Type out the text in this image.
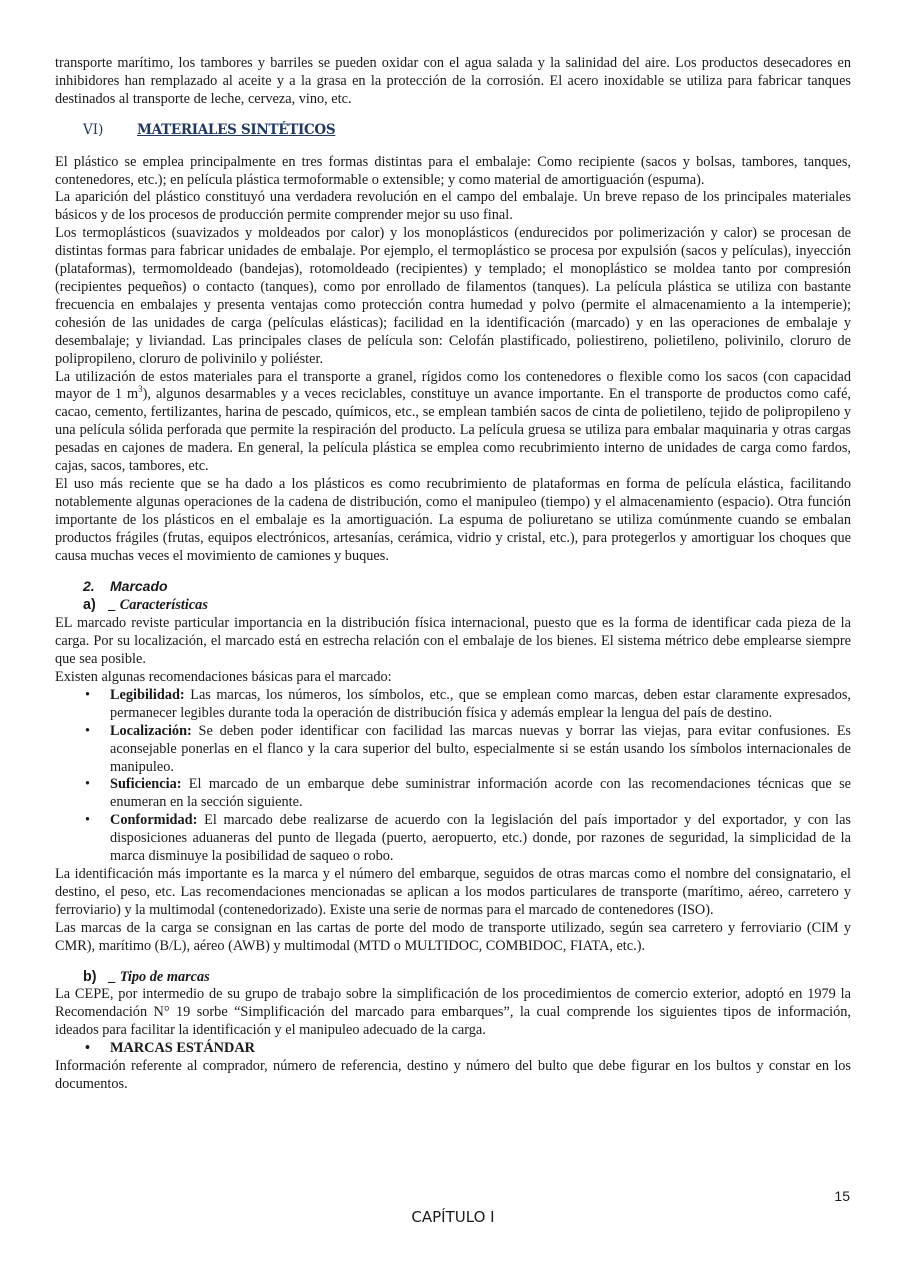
transporte marítimo, los tambores y barriles se pueden oxidar con el agua salada y la salinidad del aire. Los productos desecadores en inhibidores han remplazado al aceite y a la grasa en la protección de la corrosión. El acero inoxidable se utiliza para fabricar tanques destinados al transporte de leche, cerveza, vino, etc.

VI)	MATERIALES SINTÉTICOS

El plástico se emplea principalmente en tres formas distintas para el embalaje: Como recipiente (sacos y bolsas, tambores, tanques, contenedores, etc.); en película plástica termoformable o extensible; y como material de amortiguación (espuma).

La aparición del plástico constituyó una verdadera revolución en el campo del embalaje. Un breve repaso de los principales materiales básicos y de los procesos de producción permite comprender mejor su uso final.

Los termoplásticos (suavizados y moldeados por calor) y los monoplásticos (endurecidos por polimerización y calor) se procesan de distintas formas para fabricar unidades de embalaje. Por ejemplo, el termoplástico se procesa por expulsión (sacos y películas), inyección (plataformas), termomoldeado (bandejas), rotomoldeado (recipientes) y templado; el monoplástico se moldea tanto por compresión (recipientes pequeños) o contacto (tanques), como por enrollado de filamentos (tanques). La película plástica se utiliza con bastante frecuencia en embalajes y presenta ventajas como protección contra humedad y polvo (permite el almacenamiento a la intemperie); cohesión de las unidades de carga (películas elásticas); facilidad en la identificación (marcado) y en las operaciones de embalaje y desembalaje; y liviandad. Las principales clases de película son: Celofán plastificado, poliestireno, polietileno, polivinilo, cloruro de polipropileno, cloruro de polivinilo y poliéster.

La utilización de estos materiales para el transporte a granel, rígidos como los contenedores o flexible como los sacos (con capacidad mayor de 1 $m^3$), algunos desarmables y a veces reciclables, constituye un avance importante. En el transporte de productos como café, cacao, cemento, fertilizantes, harina de pescado, químicos, etc., se emplean también sacos de cinta de polietileno, tejido de polipropileno y una película sólida perforada que permite la respiración del producto. La película gruesa se utiliza para embalar maquinaria y otras cargas pesadas en cajones de madera. En general, la película plástica se emplea como recubrimiento interno de unidades de carga como fardos, cajas, sacos, tambores, etc.

El uso más reciente que se ha dado a los plásticos es como recubrimiento de plataformas en forma de película elástica, facilitando notablemente algunas operaciones de la cadena de distribución, como el manipuleo (tiempo) y el almacenamiento (espacio). Otra función importante de los plásticos en el embalaje es la amortiguación. La espuma de poliuretano se utiliza comúnmente cuando se embalan productos frágiles (frutas, equipos electrónicos, artesanías, cerámica, vidrio y cristal, etc.), para protegerlos y amortiguar los choques que causa muchas veces el movimiento de camiones y buques.

2. Marcado
a) _ Características

EL marcado reviste particular importancia en la distribución física internacional, puesto que es la forma de identificar cada pieza de la carga. Por su localización, el marcado está en estrecha relación con el embalaje de los bienes. El sistema métrico debe emplearse siempre que sea posible.

Existen algunas recomendaciones básicas para el marcado:

• Legibilidad: Las marcas, los números, los símbolos, etc., que se emplean como marcas, deben estar claramente expresados, permanecer legibles durante toda la operación de distribución física y además emplear la lengua del país de destino.
• Localización: Se deben poder identificar con facilidad las marcas nuevas y borrar las viejas, para evitar confusiones. Es aconsejable ponerlas en el flanco y la cara superior del bulto, especialmente si se están usando los símbolos internacionales de manipuleo.
• Suficiencia: El marcado de un embarque debe suministrar información acorde con las recomendaciones técnicas que se enumeran en la sección siguiente.
• Conformidad: El marcado debe realizarse de acuerdo con la legislación del país importador y del exportador, y con las disposiciones aduaneras del punto de llegada (puerto, aeropuerto, etc.) donde, por razones de seguridad, la simplicidad de la marca disminuye la posibilidad de saqueo o robo.

La identificación más importante es la marca y el número del embarque, seguidos de otras marcas como el nombre del consignatario, el destino, el peso, etc. Las recomendaciones mencionadas se aplican a los modos particulares de transporte (marítimo, aéreo, carretero y ferroviario) y la multimodal (contenedorizado). Existe una serie de normas para el marcado de contenedores (ISO).

Las marcas de la carga se consignan en las cartas de porte del modo de transporte utilizado, según sea carretero y ferroviario (CIM y CMR), marítimo (B/L), aéreo (AWB) y multimodal (MTD o MULTIDOC, COMBIDOC, FIATA, etc.).

b) _ Tipo de marcas

La CEPE, por intermedio de su grupo de trabajo sobre la simplificación de los procedimientos de comercio exterior, adoptó en 1979 la Recomendación N° 19 sorbe “Simplificación del marcado para embarques”, la cual comprende los siguientes tipos de información, ideados para facilitar la identificación y el manipuleo adecuado de la carga.

• MARCAS ESTÁNDAR

Información referente al comprador, número de referencia, destino y número del bulto que debe figurar en los bultos y constar en los documentos.

15
CAPÍTULO I
